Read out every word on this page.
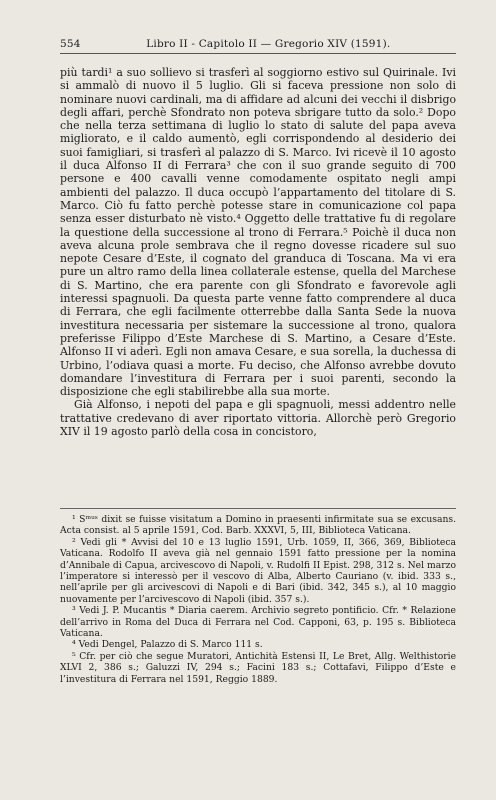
554	Libro II - Capitolo II — Gregorio XIV (1591).

più tardi¹ a suo sollievo si trasferì al soggiorno estivo sul Quirinale. Ivi si ammalò di nuovo il 5 luglio. Gli si faceva pressione non solo di nominare nuovi cardinali, ma di affidare ad alcuni dei vecchi il disbrigo degli affari, perchè Sfondrato non poteva sbrigare tutto da solo.² Dopo che nella terza settimana di luglio lo stato di salute del papa aveva migliorato, e il caldo aumentò, egli corrispondendo al desiderio dei suoi famigliari, si trasferì al palazzo di S. Marco. Ivi ricevè il 10 agosto il duca Alfonso II di Ferrara³ che con il suo grande seguito di 700 persone e 400 cavalli venne comodamente ospitato negli ampi ambienti del palazzo. Il duca occupò l’appartamento del titolare di S. Marco. Ciò fu fatto perchè potesse stare in comunicazione col papa senza esser disturbato nè visto.⁴ Oggetto delle trattative fu di regolare la questione della successione al trono di Ferrara.⁵ Poichè il duca non aveva alcuna prole sembrava che il regno dovesse ricadere sul suo nepote Cesare d’Este, il cognato del granduca di Toscana. Ma vi era pure un altro ramo della linea collaterale estense, quella del Marchese di S. Martino, che era parente con gli Sfondrato e favorevole agli interessi spagnuoli. Da questa parte venne fatto comprendere al duca di Ferrara, che egli facilmente otterrebbe dalla Santa Sede la nuova investitura necessaria per sistemare la successione al trono, qualora preferisse Filippo d’Este Marchese di S. Martino, a Cesare d’Este. Alfonso II vi aderì. Egli non amava Cesare, e sua sorella, la duchessa di Urbino, l’odiava quasi a morte. Fu deciso, che Alfonso avrebbe dovuto domandare l’investitura di Ferrara per i suoi parenti, secondo la disposizione che egli stabilirebbe alla sua morte.

Già Alfonso, i nepoti del papa e gli spagnuoli, messi addentro nelle trattative credevano di aver riportato vittoria. Allorchè però Gregorio XIV il 19 agosto parlò della cosa in concistoro,

¹ Sᵐᵘˢ dixit se fuisse visitatum a Domino in praesenti infirmitate sua se excusans. Acta consist. al 5 aprile 1591, Cod. Barb. XXXVI, 5, III, Biblioteca Vaticana.

² Vedi gli * Avvisi del 10 e 13 luglio 1591, Urb. 1059, II, 366, 369, Biblioteca Vaticana. Rodolfo II aveva già nel gennaio 1591 fatto pressione per la nomina d’Annibale di Capua, arcivescovo di Napoli, v. Rudolfi II Epist. 298, 312 s. Nel marzo l’imperatore si interessò per il vescovo di Alba, Alberto Cauriano (v. ibid. 333 s., nell’aprile per gli arcivescovi di Napoli e di Bari (ibid. 342, 345 s.), al 10 maggio nuovamente per l’arcivescovo di Napoli (ibid. 357 s.).

³ Vedi J. P. Mucantis * Diaria caerem. Archivio segreto pontificio. Cfr. * Relazione dell’arrivo in Roma del Duca di Ferrara nel Cod. Capponi, 63, p. 195 s. Biblioteca Vaticana.

⁴ Vedi Dengel, Palazzo di S. Marco 111 s.

⁵ Cfr. per ciò che segue Muratori, Antichità Estensi II, Le Bret, Allg. Welthistorie XLVI 2, 386 s.; Galuzzi IV, 294 s.; Facini 183 s.; Cottafavi, Filippo d’Este e l’investitura di Ferrara nel 1591, Reggio 1889.
